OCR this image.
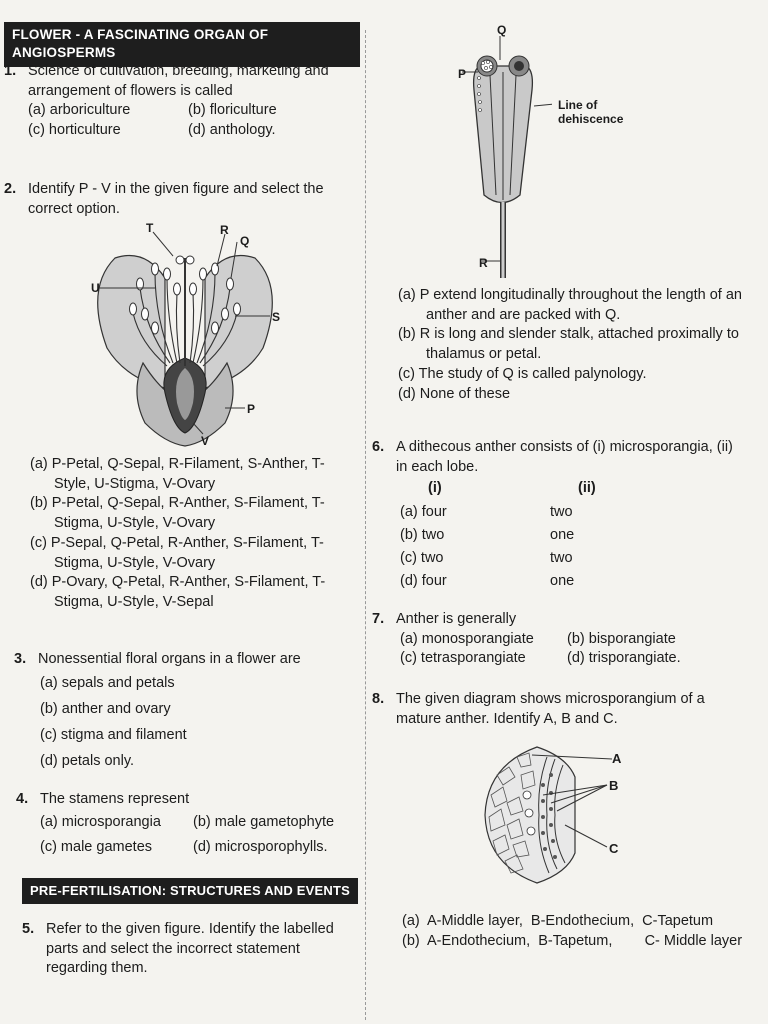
FLOWER - A FASCINATING ORGAN OF ANGIOSPERMS
1. Science of cultivation, breeding, marketing and arrangement of flowers is called
(a) arboriculture	(b) floriculture
(c) horticulture	(d) anthology.
2. Identify P - V in the given figure and select the correct option.
T	R
Q
U
S
P
V
(a) P-Petal, Q-Sepal, R-Filament, S-Anther, T-Style, U-Stigma, V-Ovary
(b) P-Petal, Q-Sepal, R-Anther, S-Filament, T-Stigma, U-Style, V-Ovary
(c) P-Sepal, Q-Petal, R-Anther, S-Filament, T-Stigma, U-Style, V-Ovary
(d) P-Ovary, Q-Petal, R-Anther, S-Filament, T-Stigma, U-Style, V-Sepal
3. Nonessential floral organs in a flower are
(a) sepals and petals
(b) anther and ovary
(c) stigma and filament
(d) petals only.
4. The stamens represent
(a) microsporangia	(b) male gametophyte
(c) male gametes	(d) microsporophylls.
PRE-FERTILISATION: STRUCTURES AND EVENTS
5. Refer to the given figure. Identify the labelled parts and select the incorrect statement regarding them.
Q
P
R
Line of dehiscence
(a) P extend longitudinally throughout the length of an anther and are packed with Q.
(b) R is long and slender stalk, attached proximally to thalamus or petal.
(c) The study of Q is called palynology.
(d) None of these
6. A dithecous anther consists of (i) microsporangia, (ii) in each lobe.
(i)	(ii)
(a) four	two
(b) two	one
(c) two	two
(d) four	one
7. Anther is generally
(a) monosporangiate	(b) bisporangiate
(c) tetrasporangiate	(d) trisporangiate.
8. The given diagram shows microsporangium of a mature anther. Identify A, B and C.
A
B
C
(a)  A-Middle layer,  B-Endothecium,  C-Tapetum
(b)  A-Endothecium,  B-Tapetum,        C- Middle layer
